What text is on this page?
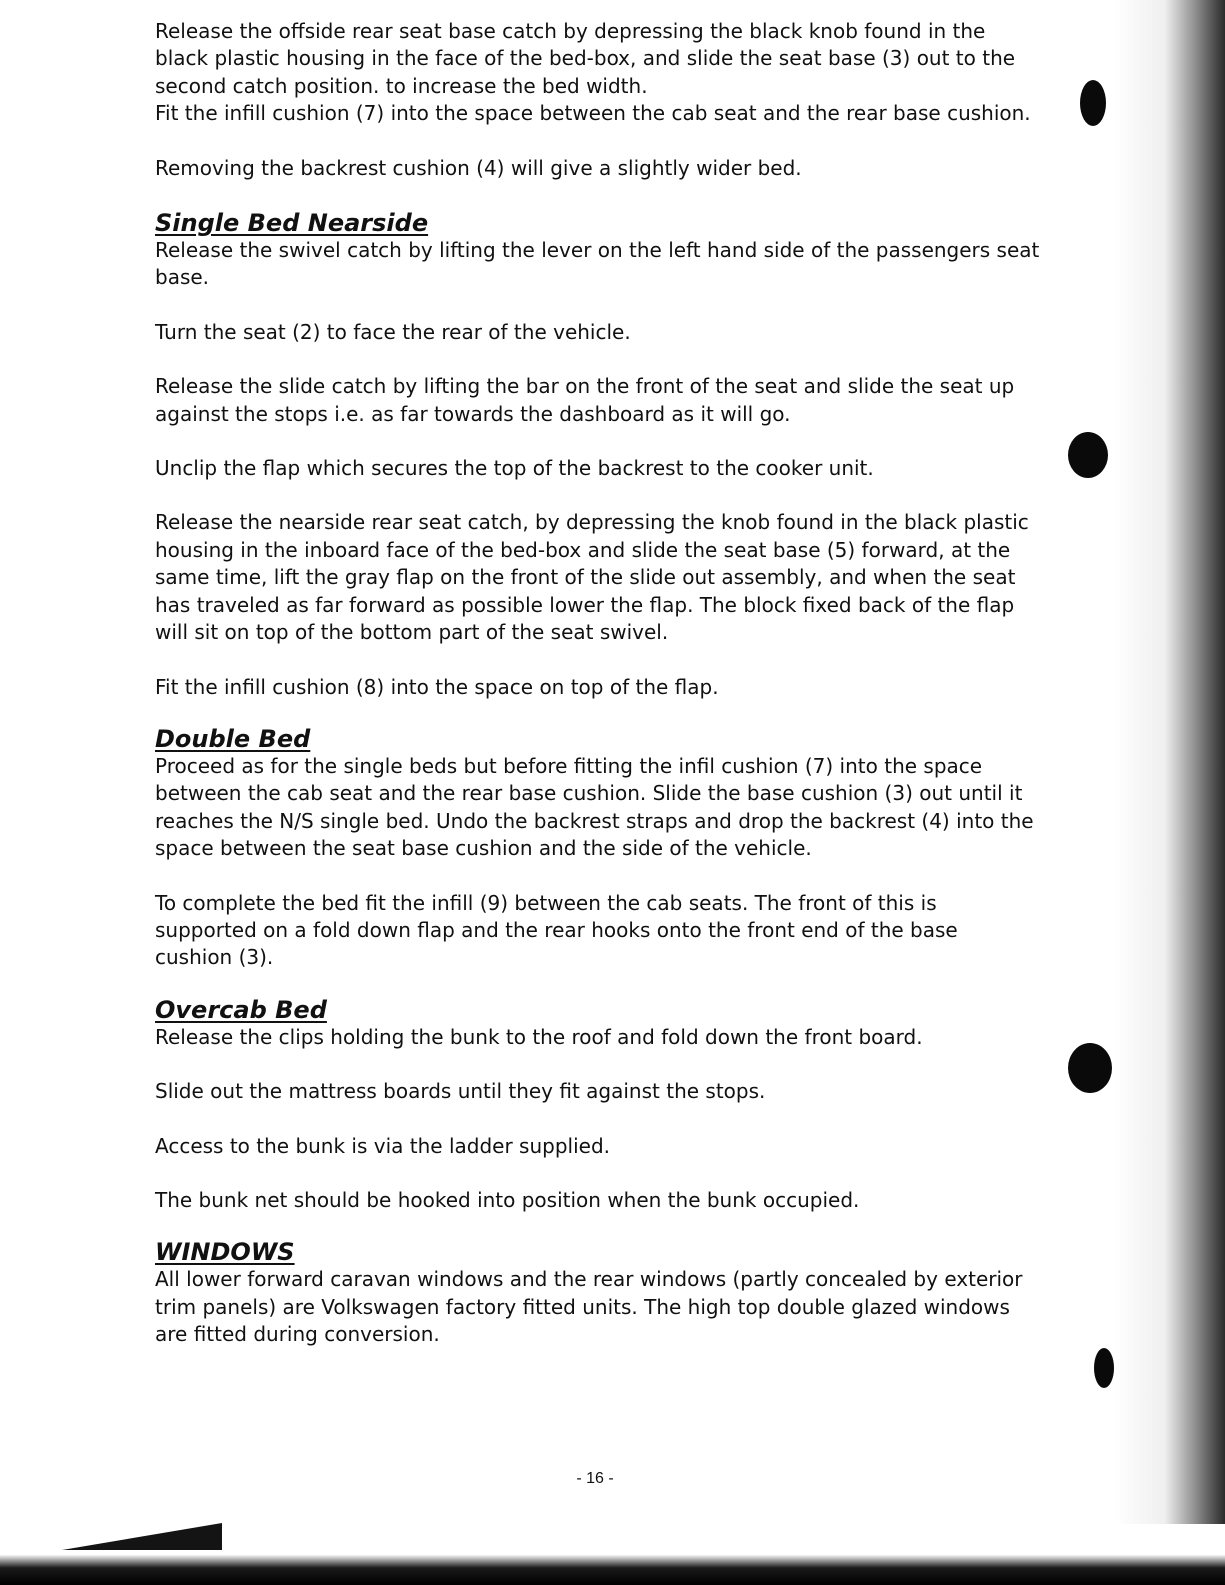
Release the offside rear seat base catch by depressing the black knob found in the
black plastic housing in the face of the bed-box, and slide the seat base (3) out to the
second catch position. to increase the bed width.
Fit the infill cushion (7) into the space between the cab seat and the rear base cushion.

Removing the backrest cushion (4) will give a slightly wider bed.

Single Bed Nearside

Release the swivel catch by lifting the lever on the left hand side of the passengers seat
base.

Turn the seat (2) to face the rear of the vehicle.

Release the slide catch by lifting the bar on the front of the seat and slide the seat up
against the stops i.e. as far towards the dashboard as it will go.

Unclip the flap which secures the top of the backrest to the cooker unit.

Release the nearside rear seat catch, by depressing the knob found in the black plastic
housing in the inboard face of the bed-box and slide the seat base (5) forward, at the
same time, lift the gray flap on the front of the slide out assembly, and when the seat
has traveled as far forward as possible lower the flap. The block fixed back of the flap
will sit on top of the bottom part of the seat swivel.

Fit the infill cushion (8) into the space on top of the flap.

Double Bed

Proceed as for the single beds but before fitting the infil cushion (7) into the space
between the cab seat and the rear base cushion. Slide the base cushion (3) out until it
reaches the N/S single bed. Undo the backrest straps and drop the backrest (4) into the
space between the seat base cushion and the side of the vehicle.

To complete the bed fit the infill (9) between the cab seats. The front of this is
supported on a fold down flap and the rear hooks onto the front end of the base
cushion (3).

Overcab Bed

Release the clips holding the bunk to the roof and fold down the front board.

Slide out the mattress boards until they fit against the stops.

Access to the bunk is via the ladder supplied.

The bunk net should be hooked into position when the bunk occupied.

WINDOWS

All lower forward caravan windows and the rear windows (partly concealed by exterior
trim panels) are Volkswagen factory fitted units. The high top double glazed windows
are fitted during conversion.

- 16 -
